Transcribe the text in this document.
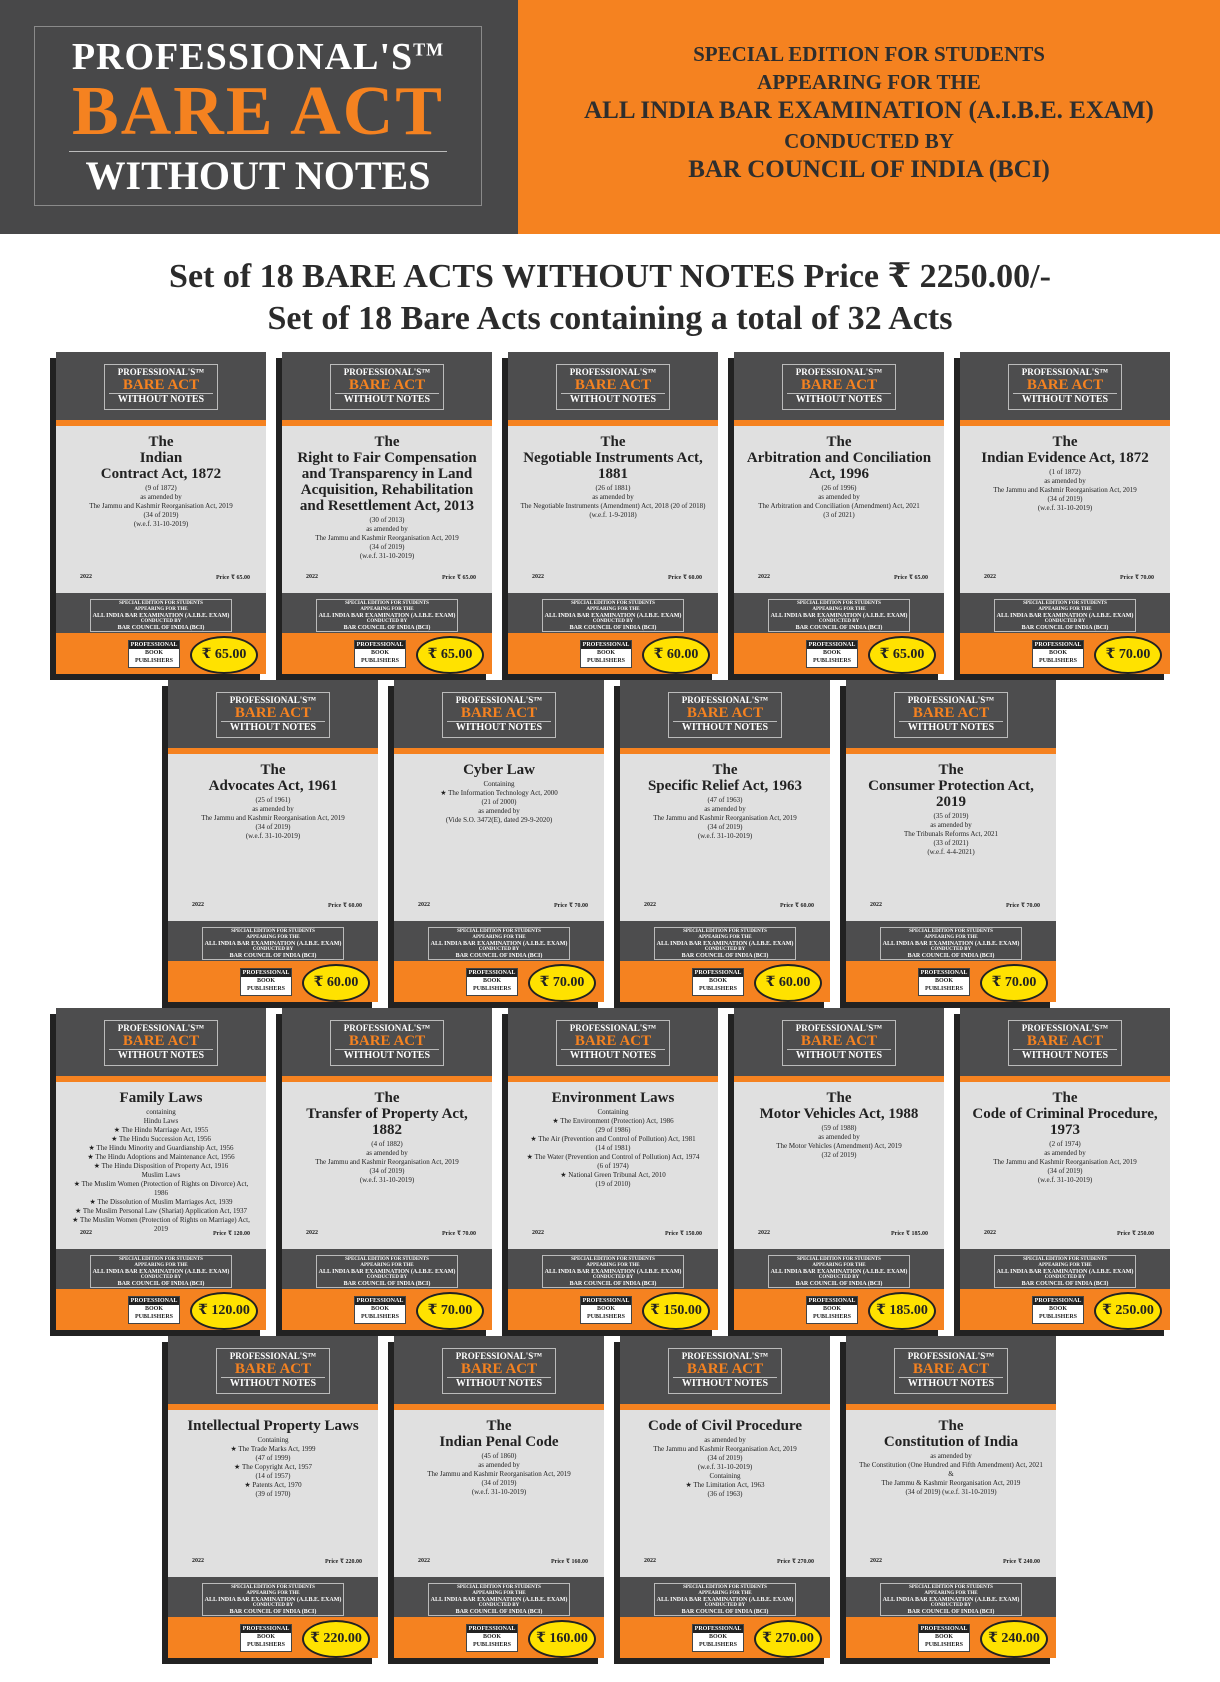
PROFESSIONAL'S™
BARE ACT
WITHOUT NOTES
SPECIAL EDITION FOR STUDENTS
APPEARING FOR THE
ALL INDIA BAR EXAMINATION (A.I.B.E. EXAM)
CONDUCTED BY
BAR COUNCIL OF INDIA (BCI)
Set of 18 BARE ACTS WITHOUT NOTES Price ₹ 2250.00/-
Set of 18 Bare Acts containing a total of 32 Acts
PROFESSIONAL'S™
BARE ACT
WITHOUT NOTES
The
Indian
Contract Act, 1872
(9 of 1872)
as amended by
The Jammu and Kashmir Reorganisation Act, 2019
(34 of 2019)
(w.e.f. 31-10-2019)
2022	Price ₹ 65.00
SPECIAL EDITION FOR STUDENTS
APPEARING FOR THE
ALL INDIA BAR EXAMINATION (A.I.B.E. EXAM)
CONDUCTED BY
BAR COUNCIL OF INDIA (BCI)
PROFESSIONAL
BOOK PUBLISHERS	₹ 65.00
PROFESSIONAL'S™
BARE ACT
WITHOUT NOTES
The
Right to Fair Compensation and Transparency in Land Acquisition, Rehabilitation and Resettlement Act, 2013
(30 of 2013)
as amended by
The Jammu and Kashmir Reorganisation Act, 2019
(34 of 2019)
(w.e.f. 31-10-2019)
2022	Price ₹ 65.00
SPECIAL EDITION FOR STUDENTS
APPEARING FOR THE
ALL INDIA BAR EXAMINATION (A.I.B.E. EXAM)
CONDUCTED BY
BAR COUNCIL OF INDIA (BCI)
PROFESSIONAL
BOOK PUBLISHERS	₹ 65.00
PROFESSIONAL'S™
BARE ACT
WITHOUT NOTES
The
Negotiable Instruments Act, 1881
(26 of 1881)
as amended by
The Negotiable Instruments (Amendment) Act, 2018 (20 of 2018)
(w.e.f. 1-9-2018)
2022	Price ₹ 60.00
SPECIAL EDITION FOR STUDENTS
APPEARING FOR THE
ALL INDIA BAR EXAMINATION (A.I.B.E. EXAM)
CONDUCTED BY
BAR COUNCIL OF INDIA (BCI)
PROFESSIONAL
BOOK PUBLISHERS	₹ 60.00
PROFESSIONAL'S™
BARE ACT
WITHOUT NOTES
The
Arbitration and Conciliation Act, 1996
(26 of 1996)
as amended by
The Arbitration and Conciliation (Amendment) Act, 2021
(3 of 2021)
2022	Price ₹ 65.00
SPECIAL EDITION FOR STUDENTS
APPEARING FOR THE
ALL INDIA BAR EXAMINATION (A.I.B.E. EXAM)
CONDUCTED BY
BAR COUNCIL OF INDIA (BCI)
PROFESSIONAL
BOOK PUBLISHERS	₹ 65.00
PROFESSIONAL'S™
BARE ACT
WITHOUT NOTES
The
Indian Evidence Act, 1872
(1 of 1872)
as amended by
The Jammu and Kashmir Reorganisation Act, 2019
(34 of 2019)
(w.e.f. 31-10-2019)
2022	Price ₹ 70.00
SPECIAL EDITION FOR STUDENTS
APPEARING FOR THE
ALL INDIA BAR EXAMINATION (A.I.B.E. EXAM)
CONDUCTED BY
BAR COUNCIL OF INDIA (BCI)
PROFESSIONAL
BOOK PUBLISHERS	₹ 70.00
PROFESSIONAL'S™
BARE ACT
WITHOUT NOTES
The
Advocates Act, 1961
(25 of 1961)
as amended by
The Jammu and Kashmir Reorganisation Act, 2019
(34 of 2019)
(w.e.f. 31-10-2019)
2022	Price ₹ 60.00
SPECIAL EDITION FOR STUDENTS
APPEARING FOR THE
ALL INDIA BAR EXAMINATION (A.I.B.E. EXAM)
CONDUCTED BY
BAR COUNCIL OF INDIA (BCI)
PROFESSIONAL
BOOK PUBLISHERS	₹ 60.00
PROFESSIONAL'S™
BARE ACT
WITHOUT NOTES
Cyber Law
Containing
★ The Information Technology Act, 2000
(21 of 2000)
as amended by
(Vide S.O. 3472(E), dated 29-9-2020)
2022	Price ₹ 70.00
SPECIAL EDITION FOR STUDENTS
APPEARING FOR THE
ALL INDIA BAR EXAMINATION (A.I.B.E. EXAM)
CONDUCTED BY
BAR COUNCIL OF INDIA (BCI)
PROFESSIONAL
BOOK PUBLISHERS	₹ 70.00
PROFESSIONAL'S™
BARE ACT
WITHOUT NOTES
The
Specific Relief Act, 1963
(47 of 1963)
as amended by
The Jammu and Kashmir Reorganisation Act, 2019
(34 of 2019)
(w.e.f. 31-10-2019)
2022	Price ₹ 60.00
SPECIAL EDITION FOR STUDENTS
APPEARING FOR THE
ALL INDIA BAR EXAMINATION (A.I.B.E. EXAM)
CONDUCTED BY
BAR COUNCIL OF INDIA (BCI)
PROFESSIONAL
BOOK PUBLISHERS	₹ 60.00
PROFESSIONAL'S™
BARE ACT
WITHOUT NOTES
The
Consumer Protection Act, 2019
(35 of 2019)
as amended by
The Tribunals Reforms Act, 2021
(33 of 2021)
(w.e.f. 4-4-2021)
2022	Price ₹ 70.00
SPECIAL EDITION FOR STUDENTS
APPEARING FOR THE
ALL INDIA BAR EXAMINATION (A.I.B.E. EXAM)
CONDUCTED BY
BAR COUNCIL OF INDIA (BCI)
PROFESSIONAL
BOOK PUBLISHERS	₹ 70.00
PROFESSIONAL'S™
BARE ACT
WITHOUT NOTES
Family Laws
containing
Hindu Laws
★ The Hindu Marriage Act, 1955
★ The Hindu Succession Act, 1956
★ The Hindu Minority and Guardianship Act, 1956
★ The Hindu Adoptions and Maintenance Act, 1956
★ The Hindu Disposition of Property Act, 1916
Muslim Laws
★ The Muslim Women (Protection of Rights on Divorce) Act, 1986
★ The Dissolution of Muslim Marriages Act, 1939
★ The Muslim Personal Law (Shariat) Application Act, 1937
★ The Muslim Women (Protection of Rights on Marriage) Act, 2019
2022	Price ₹ 120.00
SPECIAL EDITION FOR STUDENTS
APPEARING FOR THE
ALL INDIA BAR EXAMINATION (A.I.B.E. EXAM)
CONDUCTED BY
BAR COUNCIL OF INDIA (BCI)
PROFESSIONAL
BOOK PUBLISHERS	₹ 120.00
PROFESSIONAL'S™
BARE ACT
WITHOUT NOTES
The
Transfer of Property Act, 1882
(4 of 1882)
as amended by
The Jammu and Kashmir Reorganisation Act, 2019
(34 of 2019)
(w.e.f. 31-10-2019)
2022	Price ₹ 70.00
SPECIAL EDITION FOR STUDENTS
APPEARING FOR THE
ALL INDIA BAR EXAMINATION (A.I.B.E. EXAM)
CONDUCTED BY
BAR COUNCIL OF INDIA (BCI)
PROFESSIONAL
BOOK PUBLISHERS	₹ 70.00
PROFESSIONAL'S™
BARE ACT
WITHOUT NOTES
Environment Laws
Containing
★ The Environment (Protection) Act, 1986
(29 of 1986)
★ The Air (Prevention and Control of Pollution) Act, 1981
(14 of 1981)
★ The Water (Prevention and Control of Pollution) Act, 1974
(6 of 1974)
★ National Green Tribunal Act, 2010
(19 of 2010)
2022	Price ₹ 150.00
SPECIAL EDITION FOR STUDENTS
APPEARING FOR THE
ALL INDIA BAR EXAMINATION (A.I.B.E. EXAM)
CONDUCTED BY
BAR COUNCIL OF INDIA (BCI)
PROFESSIONAL
BOOK PUBLISHERS	₹ 150.00
PROFESSIONAL'S™
BARE ACT
WITHOUT NOTES
The
Motor Vehicles Act, 1988
(59 of 1988)
as amended by
The Motor Vehicles (Amendment) Act, 2019
(32 of 2019)
2022	Price ₹ 185.00
SPECIAL EDITION FOR STUDENTS
APPEARING FOR THE
ALL INDIA BAR EXAMINATION (A.I.B.E. EXAM)
CONDUCTED BY
BAR COUNCIL OF INDIA (BCI)
PROFESSIONAL
BOOK PUBLISHERS	₹ 185.00
PROFESSIONAL'S™
BARE ACT
WITHOUT NOTES
The
Code of Criminal Procedure, 1973
(2 of 1974)
as amended by
The Jammu and Kashmir Reorganisation Act, 2019
(34 of 2019)
(w.e.f. 31-10-2019)
2022	Price ₹ 250.00
SPECIAL EDITION FOR STUDENTS
APPEARING FOR THE
ALL INDIA BAR EXAMINATION (A.I.B.E. EXAM)
CONDUCTED BY
BAR COUNCIL OF INDIA (BCI)
PROFESSIONAL
BOOK PUBLISHERS	₹ 250.00
PROFESSIONAL'S™
BARE ACT
WITHOUT NOTES
Intellectual Property Laws
Containing
★ The Trade Marks Act, 1999
(47 of 1999)
★ The Copyright Act, 1957
(14 of 1957)
★ Patents Act, 1970
(39 of 1970)
2022	Price ₹ 220.00
SPECIAL EDITION FOR STUDENTS
APPEARING FOR THE
ALL INDIA BAR EXAMINATION (A.I.B.E. EXAM)
CONDUCTED BY
BAR COUNCIL OF INDIA (BCI)
PROFESSIONAL
BOOK PUBLISHERS	₹ 220.00
PROFESSIONAL'S™
BARE ACT
WITHOUT NOTES
The
Indian Penal Code
(45 of 1860)
as amended by
The Jammu and Kashmir Reorganisation Act, 2019
(34 of 2019)
(w.e.f. 31-10-2019)
2022	Price ₹ 160.00
SPECIAL EDITION FOR STUDENTS
APPEARING FOR THE
ALL INDIA BAR EXAMINATION (A.I.B.E. EXAM)
CONDUCTED BY
BAR COUNCIL OF INDIA (BCI)
PROFESSIONAL
BOOK PUBLISHERS	₹ 160.00
PROFESSIONAL'S™
BARE ACT
WITHOUT NOTES
Code of Civil Procedure
as amended by
The Jammu and Kashmir Reorganisation Act, 2019
(34 of 2019)
(w.e.f. 31-10-2019)
Containing
★ The Limitation Act, 1963
(36 of 1963)
2022	Price ₹ 270.00
SPECIAL EDITION FOR STUDENTS
APPEARING FOR THE
ALL INDIA BAR EXAMINATION (A.I.B.E. EXAM)
CONDUCTED BY
BAR COUNCIL OF INDIA (BCI)
PROFESSIONAL
BOOK PUBLISHERS	₹ 270.00
PROFESSIONAL'S™
BARE ACT
WITHOUT NOTES
The
Constitution of India
as amended by
The Constitution (One Hundred and Fifth Amendment) Act, 2021
&
The Jammu & Kashmir Reorganisation Act, 2019
(34 of 2019) (w.e.f. 31-10-2019)
2022	Price ₹ 240.00
SPECIAL EDITION FOR STUDENTS
APPEARING FOR THE
ALL INDIA BAR EXAMINATION (A.I.B.E. EXAM)
CONDUCTED BY
BAR COUNCIL OF INDIA (BCI)
PROFESSIONAL
BOOK PUBLISHERS	₹ 240.00
